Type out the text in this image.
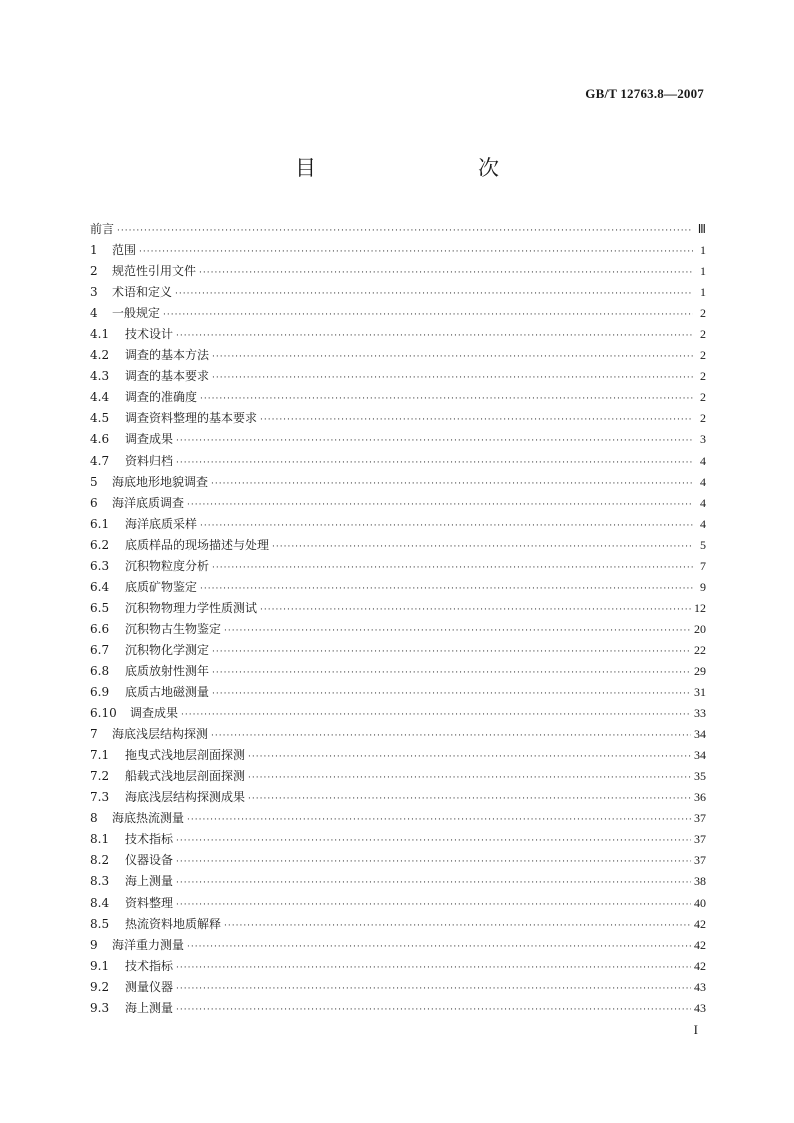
GB/T 12763.8—2007
目　　次
前言 ·····	Ⅲ
1	范围 ·····	1
2	规范性引用文件 ·····	1
3	术语和定义 ·····	1
4	一般规定 ·····	2
4.1	技术设计 ·····	2
4.2	调查的基本方法 ·····	2
4.3	调查的基本要求 ·····	2
4.4	调查的准确度 ·····	2
4.5	调查资料整理的基本要求 ·····	2
4.6	调查成果 ·····	3
4.7	资料归档 ·····	4
5	海底地形地貌调查 ·····	4
6	海洋底质调查 ·····	4
6.1	海洋底质采样 ·····	4
6.2	底质样品的现场描述与处理 ·····	5
6.3	沉积物粒度分析 ·····	7
6.4	底质矿物鉴定 ·····	9
6.5	沉积物物理力学性质测试 ·····	12
6.6	沉积物古生物鉴定 ·····	20
6.7	沉积物化学测定 ·····	22
6.8	底质放射性测年 ·····	29
6.9	底质古地磁测量 ·····	31
6.10	调查成果 ·····	33
7	海底浅层结构探测 ·····	34
7.1	拖曳式浅地层剖面探测 ·····	34
7.2	船载式浅地层剖面探测 ·····	35
7.3	海底浅层结构探测成果 ·····	36
8	海底热流测量 ·····	37
8.1	技术指标 ·····	37
8.2	仪器设备 ·····	37
8.3	海上测量 ·····	38
8.4	资料整理 ·····	40
8.5	热流资料地质解释 ·····	42
9	海洋重力测量 ·····	42
9.1	技术指标 ·····	42
9.2	测量仪器 ·····	43
9.3	海上测量 ·····	43
I
